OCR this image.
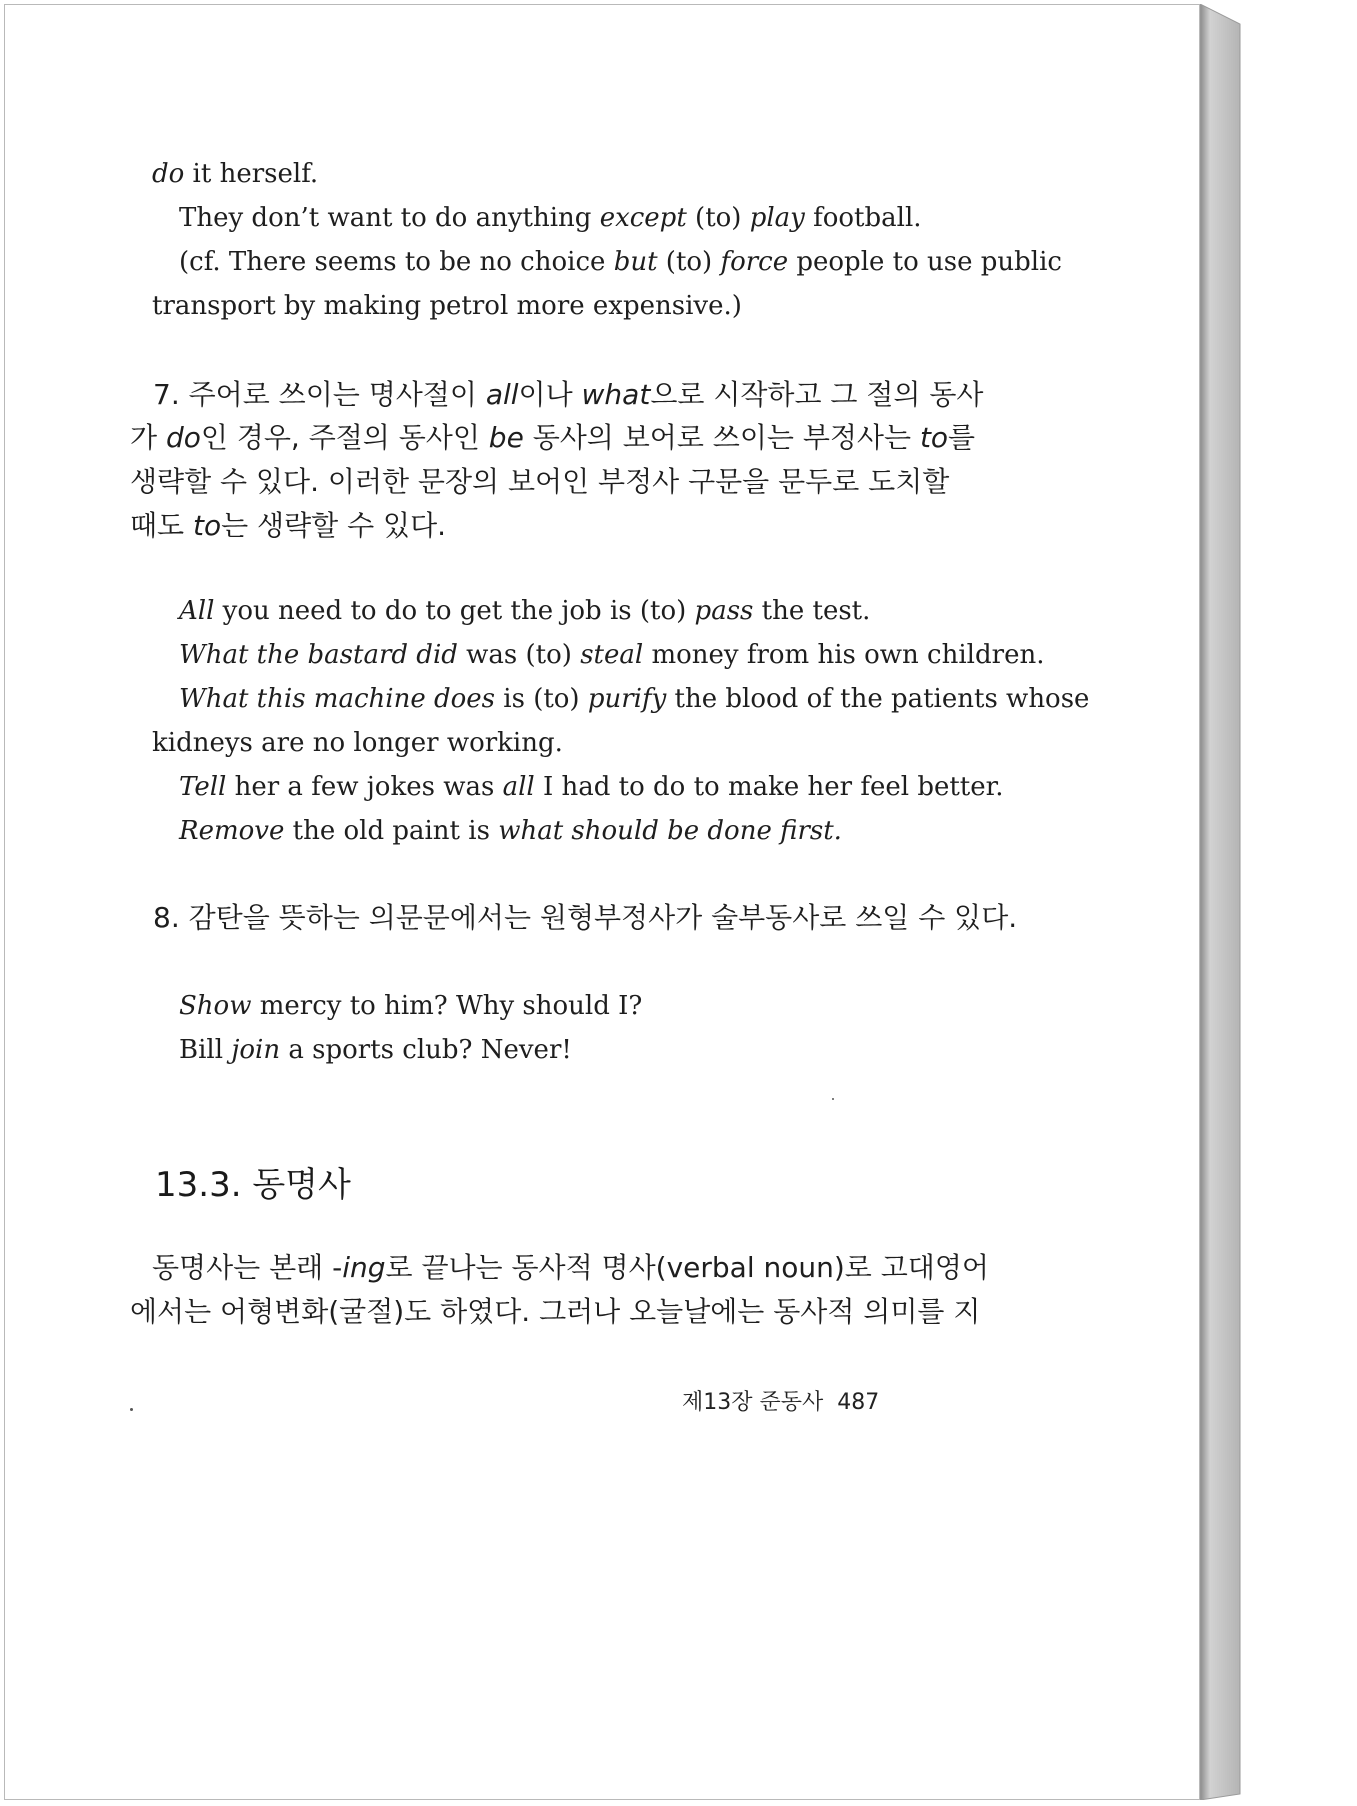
do it herself.
They don’t want to do anything except (to) play football.
(cf. There seems to be no choice but (to) force people to use public
transport by making petrol more expensive.)
7. 주어로 쓰이는 명사절이 all이나 what으로 시작하고 그 절의 동사
가 do인 경우, 주절의 동사인 be 동사의 보어로 쓰이는 부정사는 to를
생략할 수 있다. 이러한 문장의 보어인 부정사 구문을 문두로 도치할
때도 to는 생략할 수 있다.
All you need to do to get the job is (to) pass the test.
What the bastard did was (to) steal money from his own children.
What this machine does is (to) purify the blood of the patients whose
kidneys are no longer working.
Tell her a few jokes was all I had to do to make her feel better.
Remove the old paint is what should be done first.
8. 감탄을 뜻하는 의문문에서는 원형부정사가 술부동사로 쓰일 수 있다.
Show mercy to him? Why should I?
Bill join a sports club? Never!
13.3. 동명사
동명사는 본래 -ing로 끝나는 동사적 명사(verbal noun)로 고대영어
에서는 어형변화(굴절)도 하였다. 그러나 오늘날에는 동사적 의미를 지
제13장 준동사 487
